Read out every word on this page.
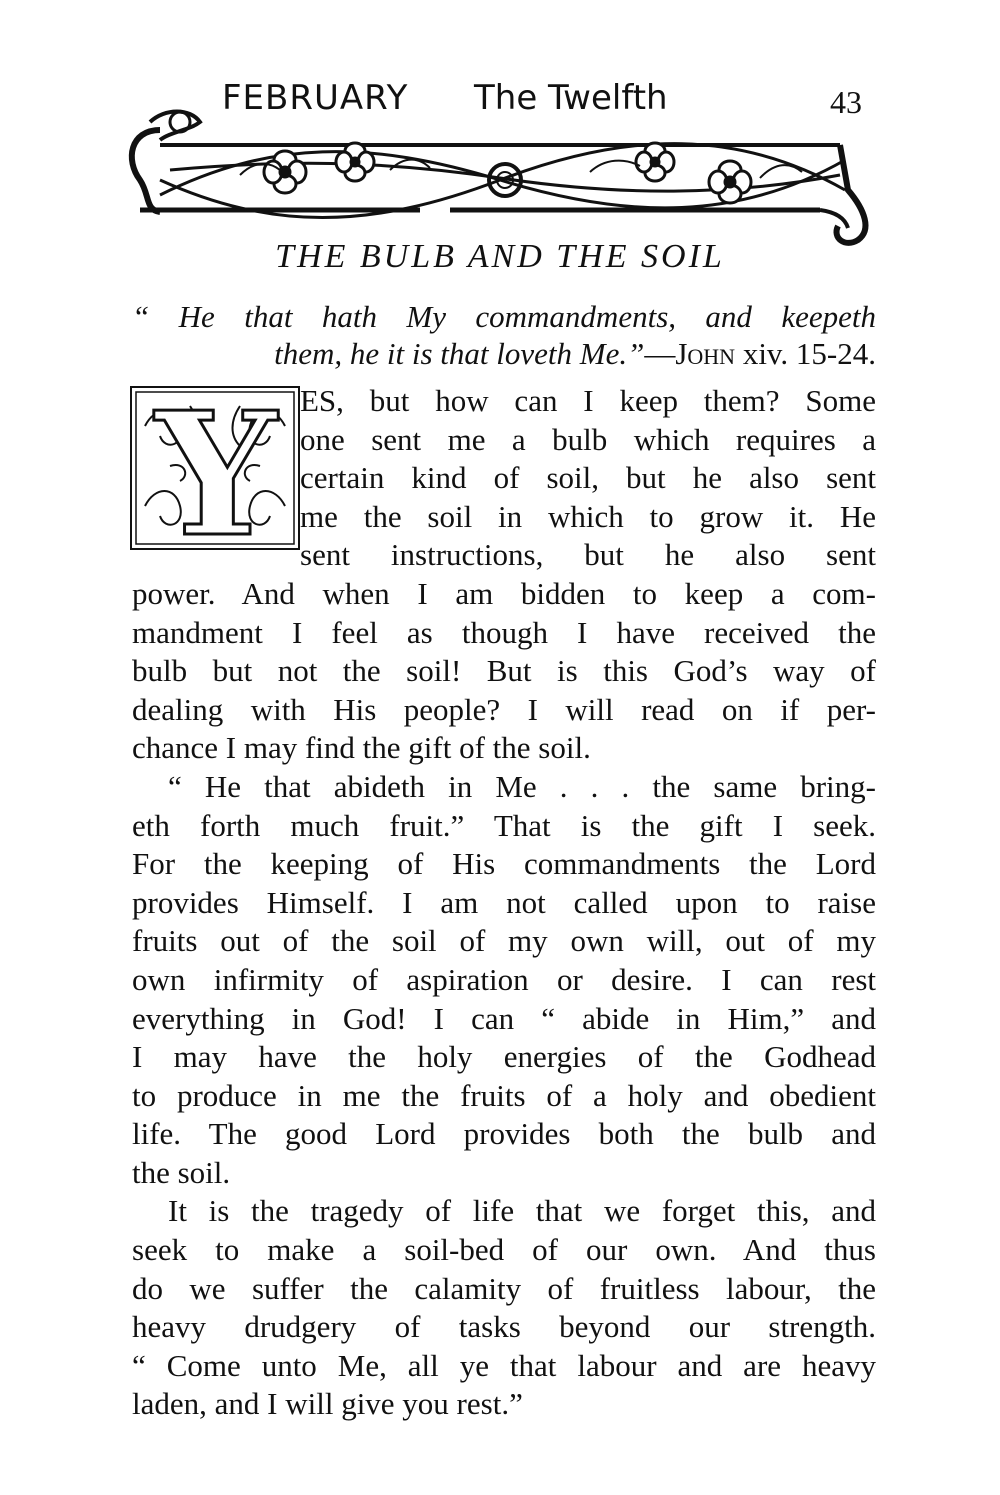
FEBRUARY The Twelfth	43
THE BULB AND THE SOIL
“ He that hath My commandments, and keepeth
them, he it is that loveth Me.”—John xiv. 15-24.
Y ES, but how can I keep them? Some
one sent me a bulb which requires a
certain kind of soil, but he also sent
me the soil in which to grow it. He
sent instructions, but he also sent
power. And when I am bidden to keep a com-
mandment I feel as though I have received the
bulb but not the soil! But is this God’s way of
dealing with His people? I will read on if per-
chance I may find the gift of the soil.
“ He that abideth in Me . . . the same bring-
eth forth much fruit.” That is the gift I seek.
For the keeping of His commandments the Lord
provides Himself. I am not called upon to raise
fruits out of the soil of my own will, out of my
own infirmity of aspiration or desire. I can rest
everything in God! I can “ abide in Him,” and
I may have the holy energies of the Godhead
to produce in me the fruits of a holy and obedient
life. The good Lord provides both the bulb and
the soil.
It is the tragedy of life that we forget this, and
seek to make a soil-bed of our own. And thus
do we suffer the calamity of fruitless labour, the
heavy drudgery of tasks beyond our strength.
“ Come unto Me, all ye that labour and are heavy
laden, and I will give you rest.”
